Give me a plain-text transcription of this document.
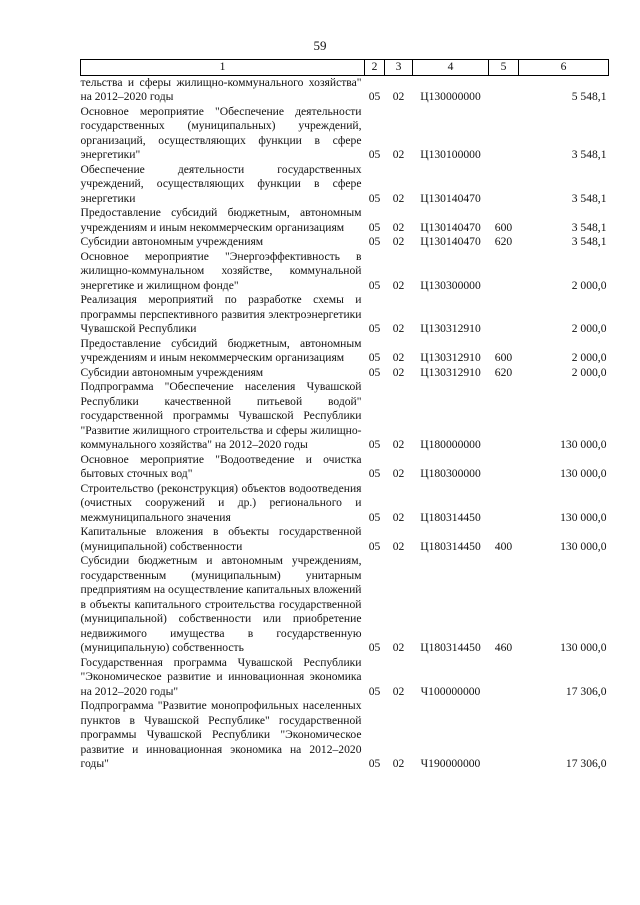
59
1	2	3	4	5	6
тельства и сферы жилищно-коммунального хозяйства" на 2012–2020 годы	05	02	Ц130000000		5 548,1
Основное мероприятие "Обеспечение деятельности государственных (муниципальных) учреждений, организаций, осуществляющих функции в сфере энергетики"	05	02	Ц130100000		3 548,1
Обеспечение деятельности государственных учреждений, осуществляющих функции в сфере энергетики	05	02	Ц130140470		3 548,1
Предоставление субсидий бюджетным, автономным учреждениям и иным некоммерческим организациям	05	02	Ц130140470	600	3 548,1
Субсидии автономным учреждениям	05	02	Ц130140470	620	3 548,1
Основное мероприятие "Энергоэффективность в жилищно-коммунальном хозяйстве, коммунальной энергетике и жилищном фонде"	05	02	Ц130300000		2 000,0
Реализация мероприятий по разработке схемы и программы перспективного развития электроэнергетики Чувашской Республики	05	02	Ц130312910		2 000,0
Предоставление субсидий бюджетным, автономным учреждениям и иным некоммерческим организациям	05	02	Ц130312910	600	2 000,0
Субсидии автономным учреждениям	05	02	Ц130312910	620	2 000,0
Подпрограмма "Обеспечение населения Чувашской Республики качественной питьевой водой" государственной программы Чувашской Республики "Развитие жилищного строительства и сферы жилищно-коммунального хозяйства" на 2012–2020 годы	05	02	Ц180000000		130 000,0
Основное мероприятие "Водоотведение и очистка бытовых сточных вод"	05	02	Ц180300000		130 000,0
Строительство (реконструкция) объектов водоотведения (очистных сооружений и др.) регионального и межмуниципального значения	05	02	Ц180314450		130 000,0
Капитальные вложения в объекты государственной (муниципальной) собственности	05	02	Ц180314450	400	130 000,0
Субсидии бюджетным и автономным учреждениям, государственным (муниципальным) унитарным предприятиям на осуществление капитальных вложений в объекты капитального строительства государственной (муниципальной) собственности или приобретение недвижимого имущества в государственную (муниципальную) собственность	05	02	Ц180314450	460	130 000,0
Государственная программа Чувашской Республики "Экономическое развитие и инновационная экономика на 2012–2020 годы"	05	02	Ч100000000		17 306,0
Подпрограмма "Развитие монопрофильных населенных пунктов в Чувашской Республике" государственной программы Чувашской Республики "Экономическое развитие и инновационная экономика на 2012–2020 годы"	05	02	Ч190000000		17 306,0
